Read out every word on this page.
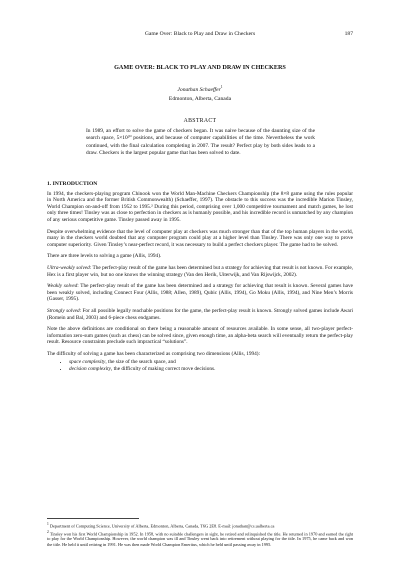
Game Over: Black to Play and Draw in Checkers	187
GAME OVER: BLACK TO PLAY AND DRAW IN CHECKERS
Jonathan Schaeffer$^1$
Edmonton, Alberta, Canada
ABSTRACT
In 1989, an effort to solve the game of checkers began. It was naive because of the daunting size of the search space, 5×10²⁰ positions, and because of computer capabilities of the time. Nevertheless the work continued, with the final calculation completing in 2007. The result? Perfect play by both sides leads to a draw. Checkers is the largest popular game that has been solved to date.
1. INTRODUCTION

In 1994, the checkers-playing program Chinook won the World Man-Machine Checkers Championship (the 8×8 game using the rules popular in North America and the former British Commonwealth) (Schaeffer, 1997). The obstacle to this success was the incredible Marion Tinsley, World Champion on-and-off from 1952 to 1995.² During this period, comprising over 1,000 competitive tournament and match games, he lost only three times! Tinsley was as close to perfection in checkers as is humanly possible, and his incredible record is unmatched by any champion of any serious competitive game. Tinsley passed away in 1995.

Despite overwhelming evidence that the level of computer play at checkers was much stronger than that of the top human players in the world, many in the checkers world doubted that any computer program could play at a higher level than Tinsley. There was only one way to prove computer superiority. Given Tinsley’s near-perfect record, it was necessary to build a perfect checkers player. The game had to be solved.

There are three levels to solving a game (Allis, 1994).

Ultra-weakly solved: The perfect-play result of the game has been determined but a strategy for achieving that result is not known. For example, Hex is a first player win, but no one knows the winning strategy (Van den Herik, Uiterwijk, and Van Rijswijck, 2002).

Weakly solved: The perfect-play result of the game has been determined and a strategy for achieving that result is known. Several games have been weakly solved, including Connect Four (Allis, 1988; Allen, 1989), Qubic (Allis, 1994), Go Moku (Allis, 1994), and Nine Men’s Morris (Gasser, 1995).

Strongly solved: For all possible legally reachable positions for the game, the perfect-play result is known. Strongly solved games include Awari (Romein and Bal, 2003) and 6-piece chess endgames.

Note the above definitions are conditional on there being a reasonable amount of resources available. In some sense, all two-player perfect-information zero-sum games (such as chess) can be solved since, given enough time, an alpha-beta search will eventually return the perfect-play result. Resource constraints preclude such impractical “solutions”.

The difficulty of solving a game has been characterized as comprising two dimensions (Allis, 1994):

• space complexity, the size of the search space, and
• decision complexity, the difficulty of making correct move decisions.
$^1$ Department of Computing Science, University of Alberta, Edmonton, Alberta, Canada, T6G 2E8. E-mail: jonathan@cs.ualberta.ca
$^2$ Tinsley won his first World Championship in 1952. In 1958, with no suitable challengers in sight, he retired and relinquished the title. He returned in 1970 and earned the right to play for the World Championship. However, the world champion was ill and Tinsley went back into retirement without playing for the title. In 1975, he came back and won the title. He held it until retiring in 1991. He was then made World Champion Emeritus, which he held until passing away in 1995.
